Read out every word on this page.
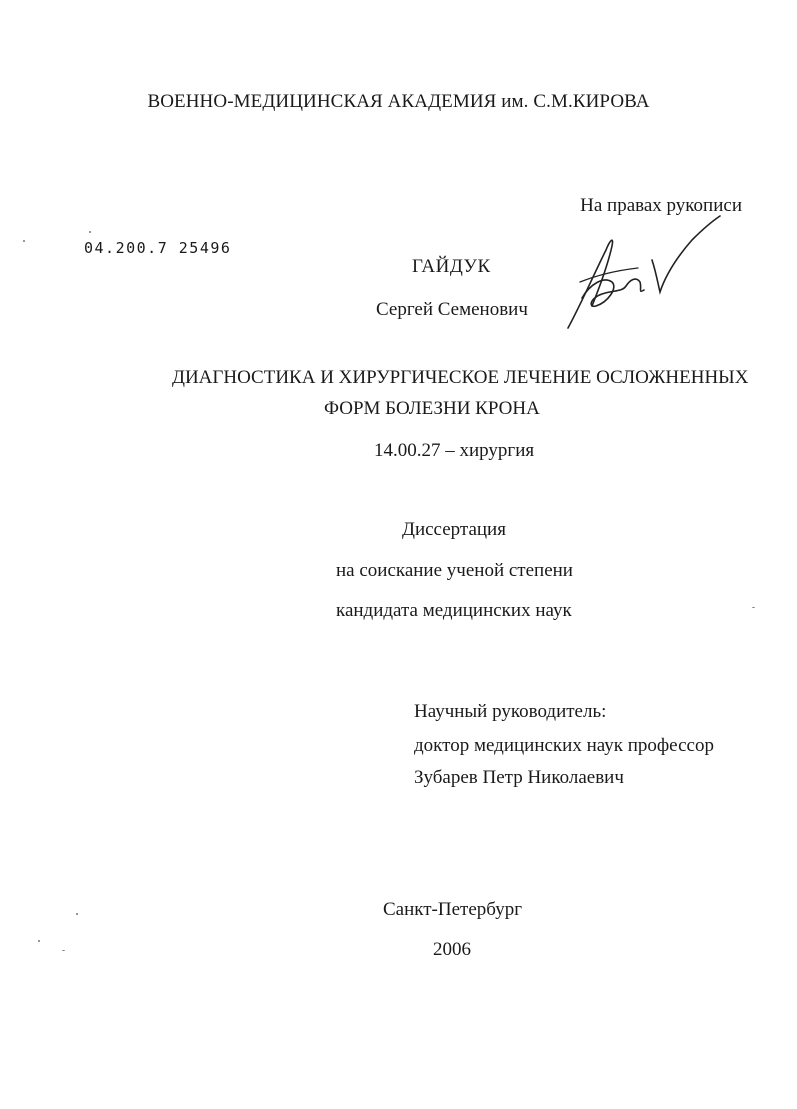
ВОЕННО-МЕДИЦИНСКАЯ АКАДЕМИЯ им. С.М.КИРОВА
На правах рукописи
04.200.7 25496
ГАЙДУК
Сергей Семенович
ДИАГНОСТИКА И ХИРУРГИЧЕСКОЕ ЛЕЧЕНИЕ ОСЛОЖНЕННЫХ
ФОРМ БОЛЕЗНИ КРОНА
14.00.27 – хирургия
Диссертация
на соискание ученой степени
кандидата медицинских наук
Научный руководитель:
доктор медицинских наук профессор
Зубарев Петр Николаевич
Санкт-Петербург
2006
